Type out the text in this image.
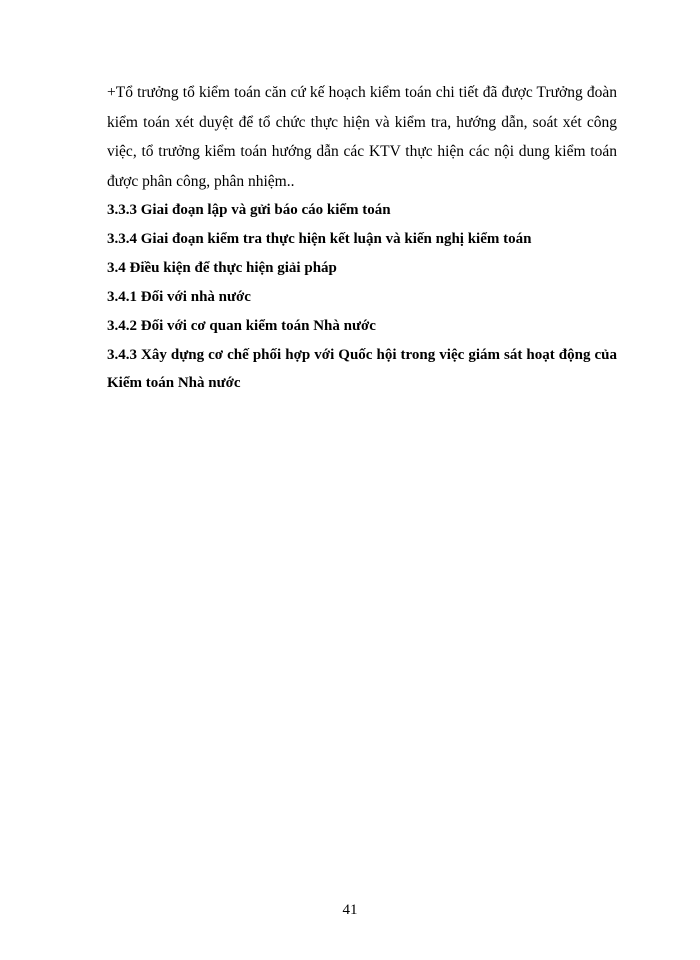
+Tổ trưởng tổ kiểm toán căn cứ kế hoạch kiểm toán chi tiết đã được Trưởng đoàn kiểm toán xét duyệt để tổ chức thực hiện và kiểm tra, hướng dẫn, soát xét công việc, tổ trưởng kiểm toán hướng dẫn các KTV thực hiện các nội dung kiểm toán được phân công, phân nhiệm..

3.3.3 Giai đoạn lập và gửi báo cáo kiểm toán

3.3.4 Giai đoạn kiểm tra thực hiện kết luận và kiến nghị kiểm toán

3.4 Điều kiện để thực hiện giải pháp

3.4.1 Đối với nhà nước

3.4.2 Đối với cơ quan kiểm toán Nhà nước

3.4.3 Xây dựng cơ chế phối hợp với Quốc hội trong việc giám sát hoạt động của Kiểm toán Nhà nước

41
